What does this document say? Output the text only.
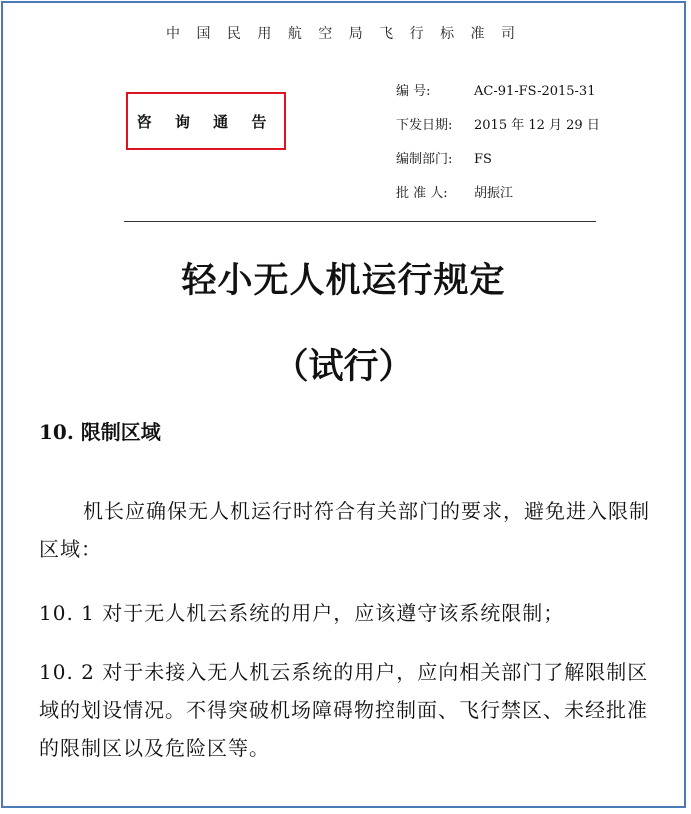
中 国 民 用 航 空 局 飞 行 标 准 司
咨 询 通 告
编 号:	AC-91-FS-2015-31
下发日期:	2015 年 12 月 29 日
编制部门:	FS
批 准 人:	胡振江
轻小无人机运行规定
（试行）
10. 限制区域
机长应确保无人机运行时符合有关部门的要求，避免进入限制区域：
10. 1 对于无人机云系统的用户，应该遵守该系统限制；
10. 2 对于未接入无人机云系统的用户，应向相关部门了解限制区域的划设情况。不得突破机场障碍物控制面、飞行禁区、未经批准的限制区以及危险区等。
